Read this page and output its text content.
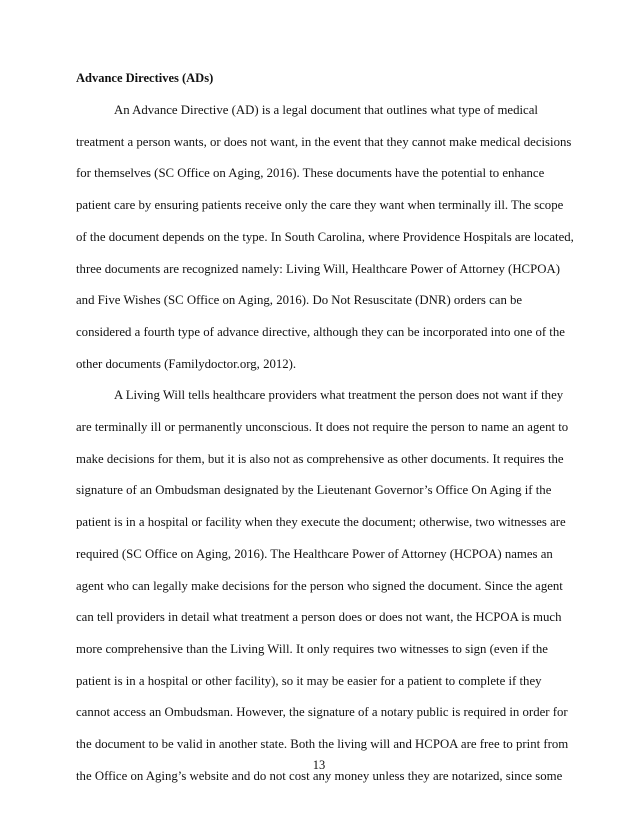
Advance Directives (ADs)
An Advance Directive (AD) is a legal document that outlines what type of medical
treatment a person wants, or does not want, in the event that they cannot make medical decisions
for themselves (SC Office on Aging, 2016). These documents have the potential to enhance
patient care by ensuring patients receive only the care they want when terminally ill. The scope
of the document depends on the type. In South Carolina, where Providence Hospitals are located,
three documents are recognized namely: Living Will, Healthcare Power of Attorney (HCPOA)
and Five Wishes (SC Office on Aging, 2016). Do Not Resuscitate (DNR) orders can be
considered a fourth type of advance directive, although they can be incorporated into one of the
other documents (Familydoctor.org, 2012).
A Living Will tells healthcare providers what treatment the person does not want if they
are terminally ill or permanently unconscious. It does not require the person to name an agent to
make decisions for them, but it is also not as comprehensive as other documents. It requires the
signature of an Ombudsman designated by the Lieutenant Governor’s Office On Aging if the
patient is in a hospital or facility when they execute the document; otherwise, two witnesses are
required (SC Office on Aging, 2016). The Healthcare Power of Attorney (HCPOA) names an
agent who can legally make decisions for the person who signed the document. Since the agent
can tell providers in detail what treatment a person does or does not want, the HCPOA is much
more comprehensive than the Living Will. It only requires two witnesses to sign (even if the
patient is in a hospital or other facility), so it may be easier for a patient to complete if they
cannot access an Ombudsman. However, the signature of a notary public is required in order for
the document to be valid in another state. Both the living will and HCPOA are free to print from
the Office on Aging’s website and do not cost any money unless they are notarized, since some
13
